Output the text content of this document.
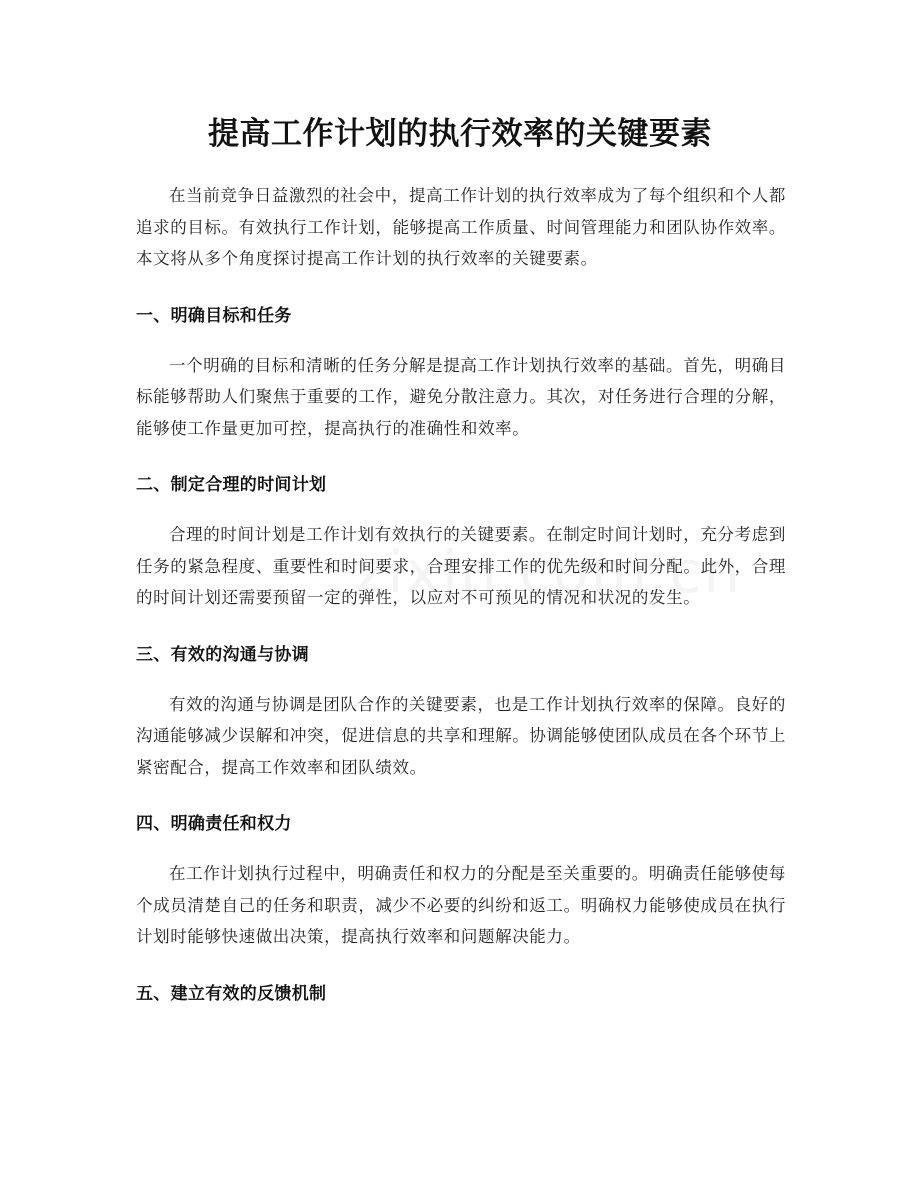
提高工作计划的执行效率的关键要素

在当前竞争日益激烈的社会中，提高工作计划的执行效率成为了每个组织和个人都追求的目标。有效执行工作计划，能够提高工作质量、时间管理能力和团队协作效率。本文将从多个角度探讨提高工作计划的执行效率的关键要素。

一、明确目标和任务

一个明确的目标和清晰的任务分解是提高工作计划执行效率的基础。首先，明确目标能够帮助人们聚焦于重要的工作，避免分散注意力。其次，对任务进行合理的分解，能够使工作量更加可控，提高执行的准确性和效率。

二、制定合理的时间计划

合理的时间计划是工作计划有效执行的关键要素。在制定时间计划时，充分考虑到任务的紧急程度、重要性和时间要求，合理安排工作的优先级和时间分配。此外，合理的时间计划还需要预留一定的弹性，以应对不可预见的情况和状况的发生。

三、有效的沟通与协调

有效的沟通与协调是团队合作的关键要素，也是工作计划执行效率的保障。良好的沟通能够减少误解和冲突，促进信息的共享和理解。协调能够使团队成员在各个环节上紧密配合，提高工作效率和团队绩效。

四、明确责任和权力

在工作计划执行过程中，明确责任和权力的分配是至关重要的。明确责任能够使每个成员清楚自己的任务和职责，减少不必要的纠纷和返工。明确权力能够使成员在执行计划时能够快速做出决策，提高执行效率和问题解决能力。

五、建立有效的反馈机制
